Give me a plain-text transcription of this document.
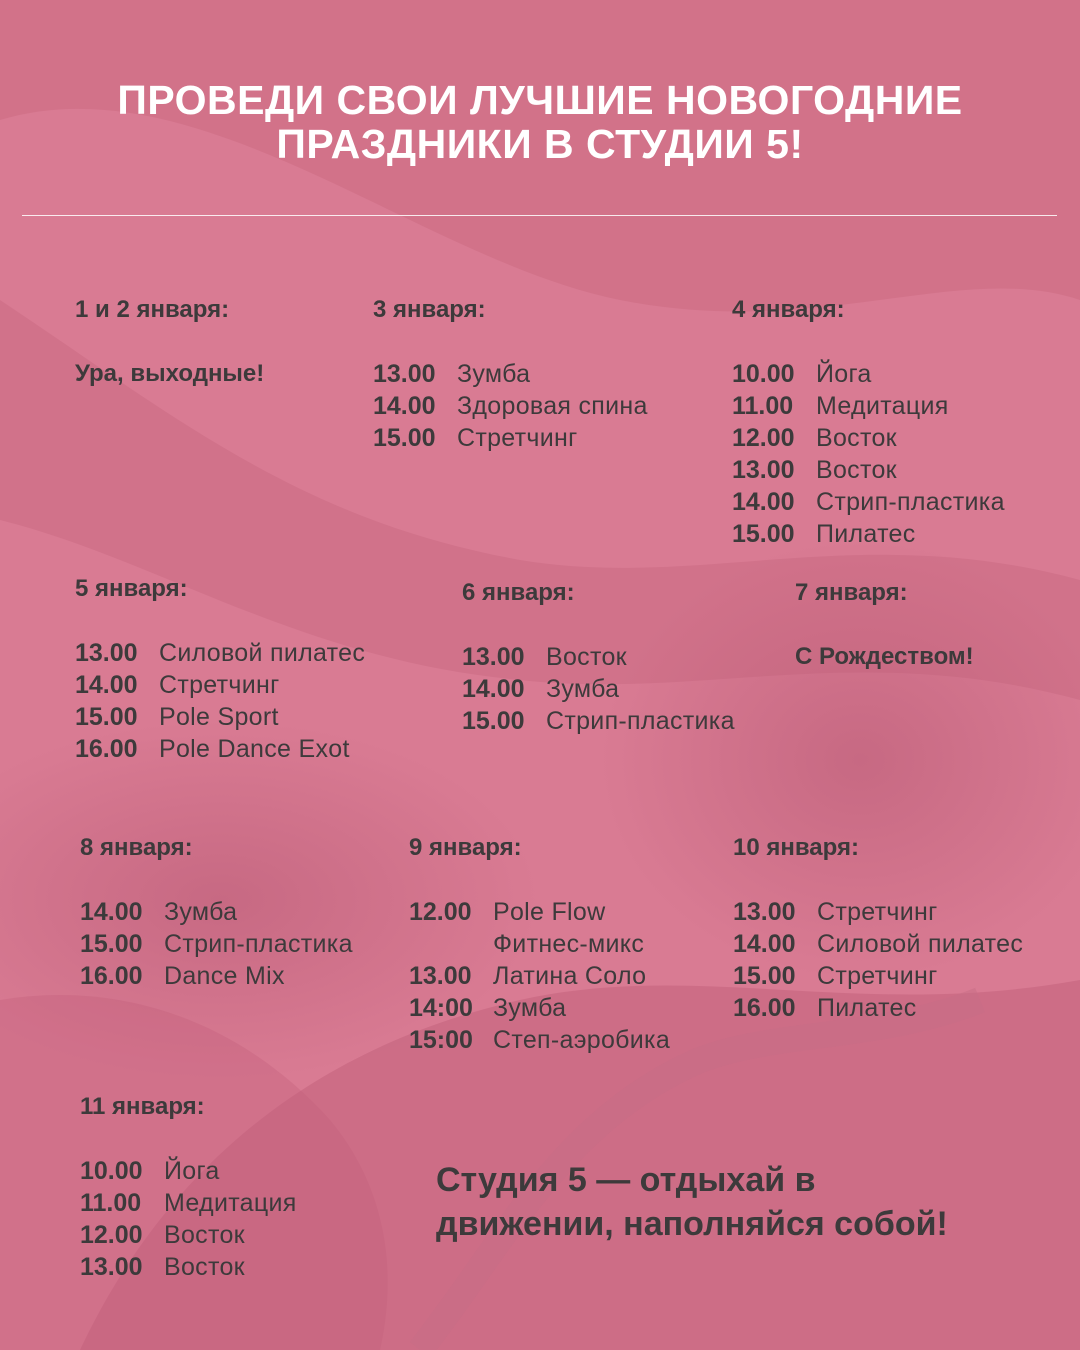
ПРОВЕДИ СВОИ ЛУЧШИЕ НОВОГОДНИЕ
ПРАЗДНИКИ В СТУДИИ 5!
1 и 2 января:
Ура, выходные!
3 января:
13.00 Зумба
14.00 Здоровая спина
15.00 Стретчинг
4 января:
10.00 Йога
11.00 Медитация
12.00 Восток
13.00 Восток
14.00 Стрип-пластика
15.00 Пилатес
5 января:
13.00 Силовой пилатес
14.00 Стретчинг
15.00 Pole Sport
16.00 Pole Dance Exot
6 января:
13.00 Восток
14.00 Зумба
15.00 Стрип-пластика
7 января:
С Рождеством!
8 января:
14.00 Зумба
15.00 Стрип-пластика
16.00 Dance Mix
9 января:
12.00 Pole Flow
Фитнес-микс
13.00 Латина Соло
14:00 Зумба
15:00 Степ-аэробика
10 января:
13.00 Стретчинг
14.00 Силовой пилатес
15.00 Стретчинг
16.00 Пилатес
11 января:
10.00 Йога
11.00 Медитация
12.00 Восток
13.00 Восток
Студия 5 — отдыхай в
движении, наполняйся собой!
